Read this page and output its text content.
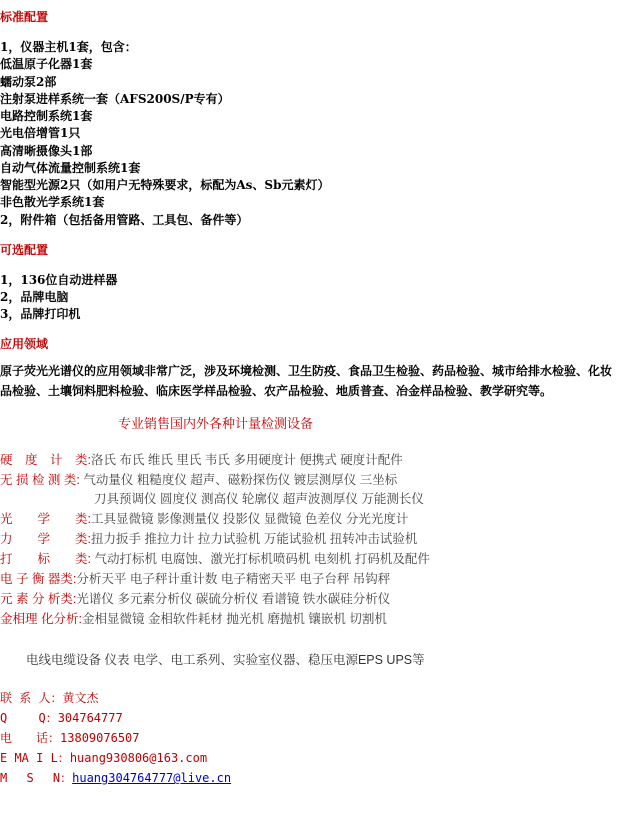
标准配置
1，仪器主机1套，包含：
低温原子化器1套
蠕动泵2部
注射泵进样系统一套（AFS200S/P专有）
电路控制系统1套
光电倍增管1只
高清晰摄像头1部
自动气体流量控制系统1套
智能型光源2只（如用户无特殊要求，标配为As、Sb元素灯）
非色散光学系统1套
2，附件箱（包括备用管路、工具包、备件等）
可选配置
1，136位自动进样器
2，品牌电脑
3，品牌打印机
应用领域
原子荧光光谱仪的应用领域非常广泛，涉及环境检测、卫生防疫、食品卫生检验、药品检验、城市给排水检验、化妆品检验、土壤饲料肥料检验、临床医学样品检验、农产品检验、地质普查、冶金样品检验、教学研究等。
专业销售国内外各种计量检测设备
硬　度　计　类:洛氏 布氏 维氏 里氏 韦氏 多用硬度计 便携式 硬度计配件
无 损 检 测 类: 气动量仪 粗糙度仪 超声、磁粉探伤仪 镀层测厚仪 三坐标
刀具预调仪 圆度仪 测高仪 轮廓仪 超声波测厚仪 万能测长仪
光　　学　　类:工具显微镜 影像测量仪 投影仪 显微镜 色差仪 分光光度计
力　　学　　类:扭力扳手 推拉力计 拉力试验机 万能试验机 扭转冲击试验机
打　　标　　类: 气动打标机 电腐蚀、激光打标机喷码机 电刻机 打码机及配件
电 子 衡 器类:分析天平 电子秤计重计数 电子精密天平 电子台秤 吊钩秤
元 素 分 析类:光谱仪 多元素分析仪 碳硫分析仪 看谱镜 铁水碳硅分析仪
金相理 化分析:金相显微镜 金相软件耗材 抛光机 磨抛机 镶嵌机 切割机
电线电缆设备 仪表 电学、电工系列、实验室仪器、稳压电源EPS UPS等
联 系 人：黄文杰
Q　　 Q：304764777
电　　话：13809076507
E MA I L：huang930806@163.com
M　 S　 N：huang304764777@live.cn
